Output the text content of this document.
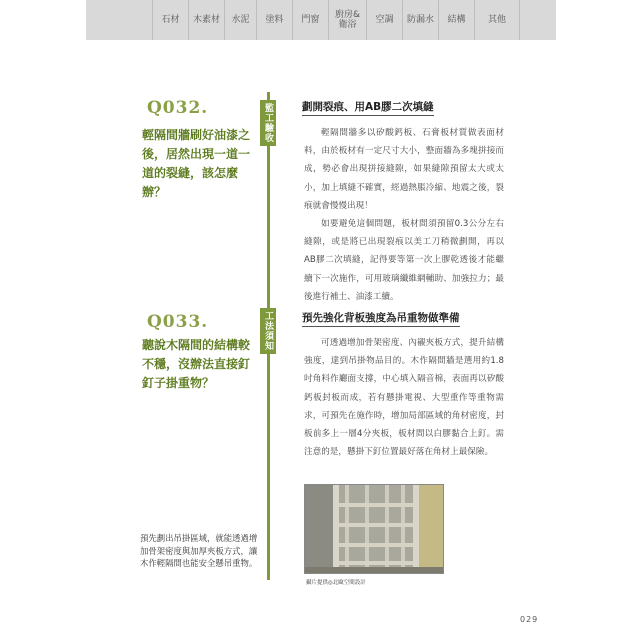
石材	木素材	水泥	塗料	門窗	廚房&
衛浴	空調	防漏水	結構	其他
監工驗收
工法須知
Q032.
輕隔間牆刷好油漆之後，居然出現一道一道的裂縫，該怎麼辦？
劃開裂痕、用AB膠二次填縫

輕隔間牆多以矽酸鈣板、石膏板材質做表面材料，由於板材有一定尺寸大小，整面牆為多塊拼接而成，勢必會出現拼接縫隙，如果縫隙預留太大或太小，加上填縫不確實，經過熱脹冷縮、地震之後，裂痕就會慢慢出現！

如要避免這個問題，板材間須預留0.3公分左右縫隙，或是將已出現裂痕以美工刀稍微劃開，再以AB膠二次填縫，記得要等第一次上膠乾透後才能繼續下一次施作，可用玻璃纖維網輔助、加強拉力；最後進行補土、油漆工續。

Q033.
聽說木隔間的結構較不穩，沒辦法直接釘釘子掛重物？
預先強化背板強度為吊重物做準備

可透過增加骨架密度、內襯夾板方式，提升結構強度，達到吊掛物品目的。木作隔間牆是選用約1.8吋角料作廳面支撐，中心填入隔音棉，表面再以矽酸鈣板封板而成，若有懸掛電視、大型重作等重物需求，可預先在施作時，增加局部區域的角材密度，封板前多上一層4分夾板，板材間以白膠黏合上釘。需注意的是，懸掛下釘位置最好落在角材上最保險。

攝片提供◎北歐空間設計
預先劃出吊掛區域，就能透過增加骨架密度與加厚夾板方式，讓木作輕隔間也能安全懸吊重物。
029
